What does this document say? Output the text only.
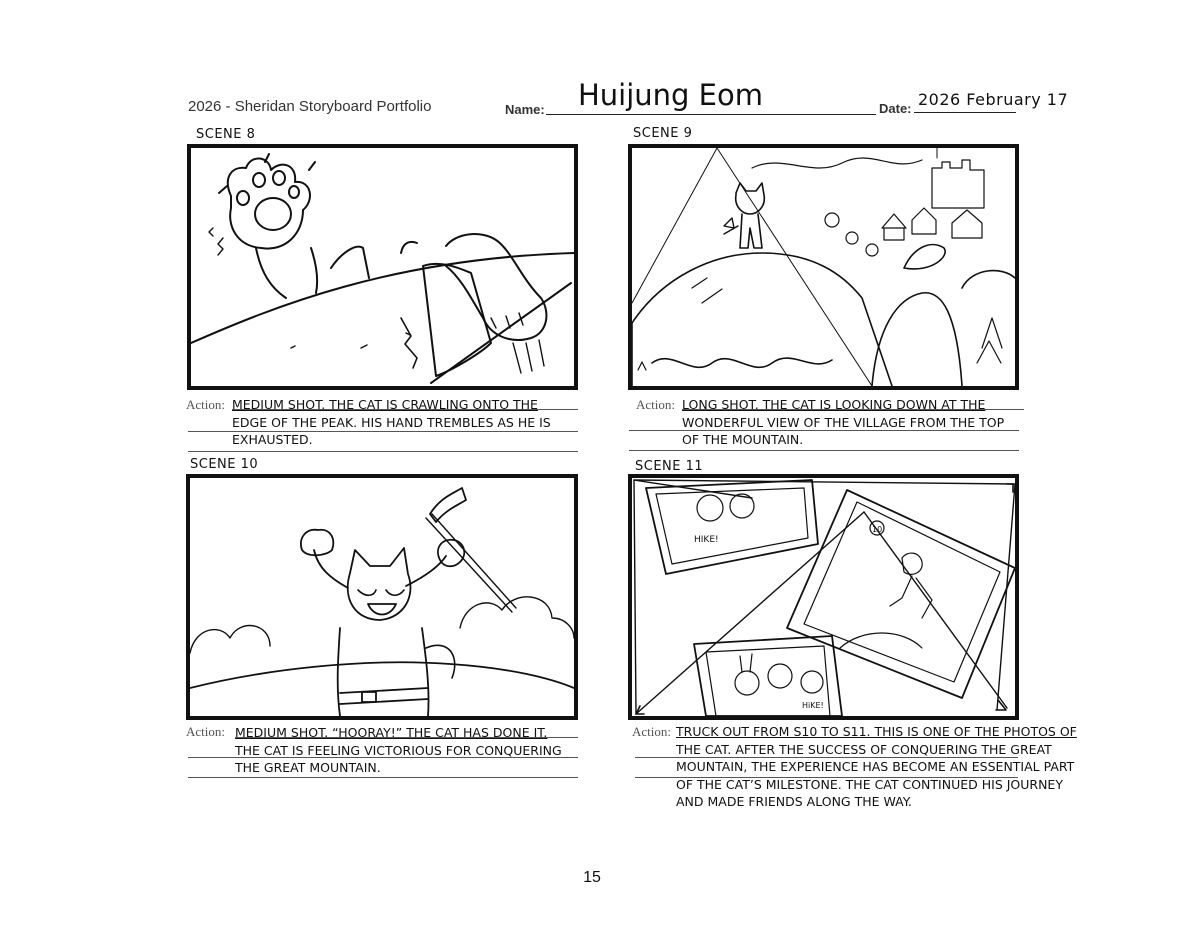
2026 - Sheridan Storyboard Portfolio	Name: Huijung Eom	Date: 2026 February 17
SCENE 8
Action: MEDIUM SHOT. THE CAT IS CRAWLING ONTO THE
EDGE OF THE PEAK. HIS HAND TREMBLES AS HE IS
EXHAUSTED.
SCENE 9
Action: LONG SHOT. THE CAT IS LOOKING DOWN AT THE
WONDERFUL VIEW OF THE VILLAGE FROM THE TOP
OF THE MOUNTAIN.
SCENE 10
Action: MEDIUM SHOT. “HOORAY!” THE CAT HAS DONE IT.
THE CAT IS FEELING VICTORIOUS FOR CONQUERING
THE GREAT MOUNTAIN.
SCENE 11
HIKE!
10
HiKE!
Action: TRUCK OUT FROM S10 TO S11. THIS IS ONE OF THE PHOTOS OF
THE CAT. AFTER THE SUCCESS OF CONQUERING THE GREAT
MOUNTAIN, THE EXPERIENCE HAS BECOME AN ESSENTIAL PART
OF THE CAT’S MILESTONE. THE CAT CONTINUED HIS JOURNEY
AND MADE FRIENDS ALONG THE WAY.
15
